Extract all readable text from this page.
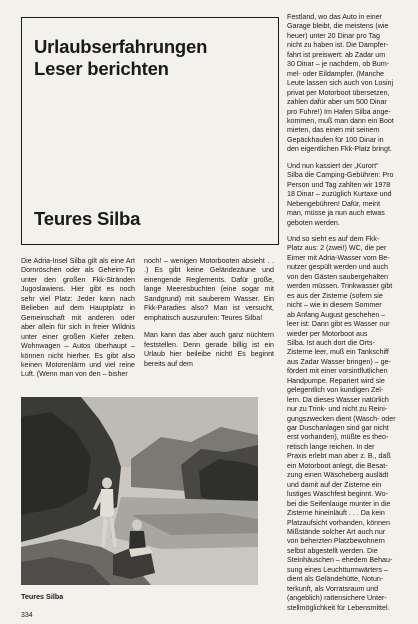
Urlaubserfahrungen
Leser berichten
Teures Silba

Die Adria-Insel Silba gilt als eine Art Dornröschen oder als Geheim-Tip unter den großen Fkk-Stränden Jugoslawiens. Hier gibt es noch sehr viel Platz: Jeder kann nach Belieben auf dem Hauptplatz in Gemeinschaft mit anderen oder aber allein für sich in freier Wildnis unter einer großen Kiefer zelten. Wohnwagen – Autos überhaupt – können nicht hierher. Es gibt also keinen Motorenlärm und viel reine Luft. (Wenn man von den – bisher

noch! – wenigen Motorbooten absieht . . .) Es gibt keine Geländezäune und einengende Reglements. Dafür große, lange Meeresbuchten (eine sogar mit Sandgrund) mit sauberem Wasser. Ein Fkk-Paradies also? Man ist versucht, emphatisch auszurufen: Teures Silba!

Man kann das aber auch ganz nüchtern feststellen. Denn gerade billig ist ein Urlaub hier beileibe nicht! Es beginnt bereits auf dem

Festland, wo das Auto in einer
Garage bleibt, die meistens (wie
heuer) unter 20 Dinar pro Tag
nicht zu haben ist. Die Dampfer-
fahrt ist preiswert: ab Zadar um
30 Dinar – je nachdem, ob Bum-
mel- oder Eildampfer. (Manche
Leute lassen sich auch von Losinj
privat per Motorboot übersetzen,
zahlen dafür aber um 500 Dinar
pro Fuhre!) Im Hafen Silba ange-
kommen, muß man dann ein Boot
mieten, das einen mit seinem
Gepäckhaufen für 100 Dinar in
den eigentlichen Fkk-Platz bringt.
Und nun kassiert der „Kurort“
Silba die Camping-Gebühren: Pro
Person und Tag zahlten wir 1978
18 Dinar – zuzüglich Kurtaxe und
Nebengebühren! Dafür, meint
man, müsse ja nun auch etwas
geboten werden.
Und so sieht es auf dem Fkk-
Platz aus: 2 (zwei!) WC, die per
Eimer mit Adria-Wasser vom Be-
nutzer gespült werden und auch
von den Gästen saubergehalten
werden müssen. Trinkwasser gibt
es aus der Zisterne (sofern sie
nicht – wie in diesem Sommer
ab Anfang August geschehen –
leer ist: Dann gibt es Wasser nur
wieder per Motorboot aus
Silba. Ist auch dort die Orts-
Zisterne leer, muß ein Tankschiff
aus Zadar Wasser bringen) – ge-
fördert mit einer vorsintflutlichen
Handpumpe. Repariert wird sie
gelegentlich von kundigen Zel-
lern. Da dieses Wasser natürlich
nur zu Trink- und nicht zu Reini-
gungszwecken dient (Wasch- oder
gar Duschanlagen sind gar nicht
erst vorhanden), müßte es theo-
retisch lange reichen. In der
Praxis erlebt man aber z. B., daß
ein Motorboot anlegt, die Besat-
zung einen Wäscheberg auslädt
und damit auf der Zisterne ein
lustiges Waschfest beginnt. Wo-
bei die Seifenlauge munter in die
Zisterne hineinläuft . . . Da kein
Platzaufsicht vorhanden, können
Mißstände solcher Art auch nur
von beherzten Platzbewohnern
selbst abgestellt werden. Die
Steinhäuschen – ehedem Behau-
sung eines Leuchtturmwärters –
dient als Geländehütte, Notun-
terkunft, als Vorratsraum und
(angeblich) rattensichere Unter-
stellmöglichkeit für Lebensmittel.
Teures Silba
334
